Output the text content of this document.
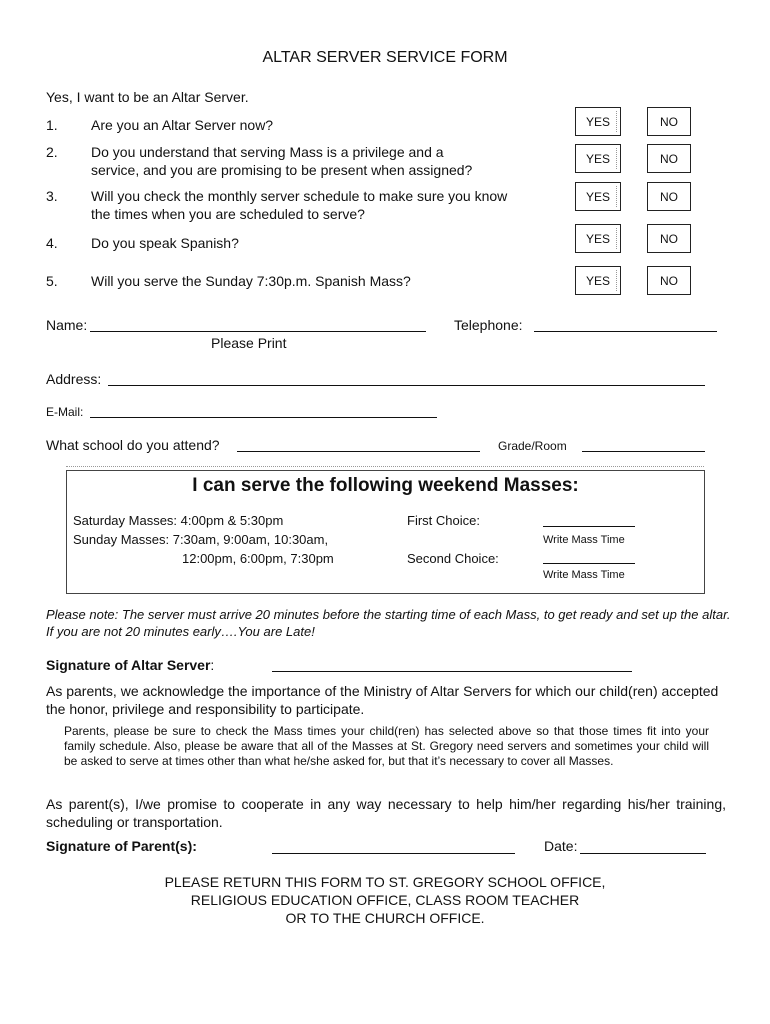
ALTAR SERVER SERVICE FORM
Yes, I want to be an Altar Server.
1. Are you an Altar Server now?	YES	NO
2. Do you understand that serving Mass is a privilege and a
service, and you are promising to be present when assigned?
YES	NO
3. Will you check the monthly server schedule to make sure you know
the times when you are scheduled to serve?
YES	NO
4. Do you speak Spanish?	YES	NO
5. Will you serve the Sunday 7:30p.m. Spanish Mass?	YES	NO
Name:
Please Print
Telephone:
Address:
E-Mail:
What school do you attend?	Grade/Room
I can serve the following weekend Masses:
Saturday Masses: 4:00pm & 5:30pm
Sunday Masses: 7:30am, 9:00am, 10:30am,
12:00pm, 6:00pm, 7:30pm
First Choice:
Write Mass Time
Second Choice:
Write Mass Time
Please note: The server must arrive 20 minutes before the starting time of each Mass, to get ready and set up the altar. If you are not 20 minutes early….You are Late!
Signature of Altar Server:
As parents, we acknowledge the importance of the Ministry of Altar Servers for which our child(ren) accepted the honor, privilege and responsibility to participate.
Parents, please be sure to check the Mass times your child(ren) has selected above so that those times fit into your family schedule. Also, please be aware that all of the Masses at St. Gregory need servers and sometimes your child will be asked to serve at times other than what he/she asked for, but that it’s necessary to cover all Masses.
As parent(s), I/we promise to cooperate in any way necessary to help him/her regarding his/her training, scheduling or transportation.
Signature of Parent(s):	Date:
PLEASE RETURN THIS FORM TO ST. GREGORY SCHOOL OFFICE,
RELIGIOUS EDUCATION OFFICE, CLASS ROOM TEACHER
OR TO THE CHURCH OFFICE.
